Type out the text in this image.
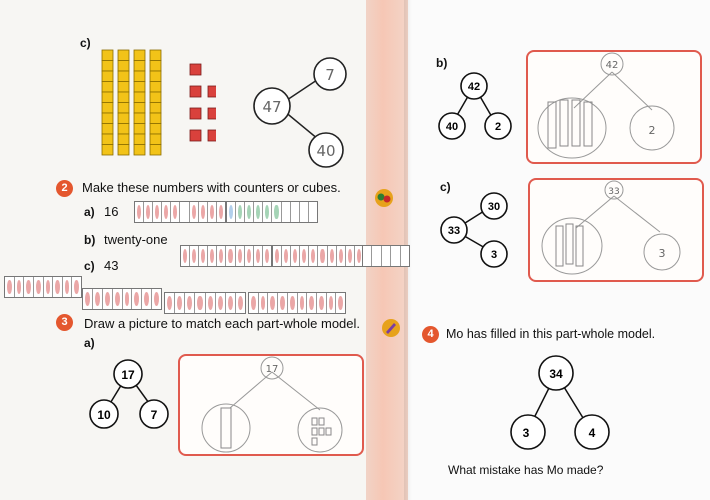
c)
7
47
40
2	Make these numbers with counters or cubes.
a) 16
b) twenty-one
c) 43
3	Draw a picture to match each part-whole model.
a)
17
10	7
17
b)
42
40	2
42
2
c)
33
30
3
33
3
4 Mo has filled in this part-whole model.
34
3	4
What mistake has Mo made?
